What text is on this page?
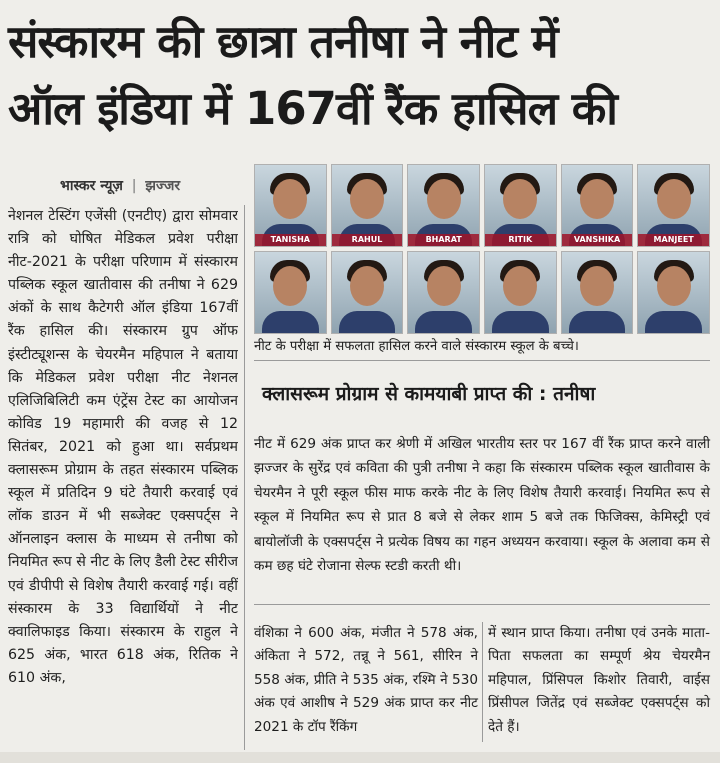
संस्कारम की छात्रा तनीषा ने नीट में
ऑल इंडिया में 167वीं रैंक हासिल की
भास्कर न्यूज़ | झज्जर
नेशनल टेस्टिंग एजेंसी (एनटीए) द्वारा सोमवार रात्रि को घोषित मेडिकल प्रवेश परीक्षा नीट-2021 के परीक्षा परिणाम में संस्कारम पब्लिक स्कूल खातीवास की तनीषा ने 629 अंकों के साथ कैटेगरी ऑल इंडिया 167वीं रैंक हासिल की। संस्कारम ग्रुप ऑफ इंस्टीट्यूशन्स के चेयरमैन महिपाल ने बताया कि मेडिकल प्रवेश परीक्षा नीट नेशनल एलिजिबिलिटी कम एंट्रेंस टेस्ट का आयोजन कोविड 19 महामारी की वजह से 12 सितंबर, 2021 को हुआ था। सर्वप्रथम क्लासरूम प्रोग्राम के तहत संस्कारम पब्लिक स्कूल में प्रतिदिन 9 घंटे तैयारी करवाई एवं लॉक डाउन में भी सब्जेक्ट एक्सपर्ट्स ने ऑनलाइन क्लास के माध्यम से तनीषा को नियमित रूप से नीट के लिए डैली टेस्ट सीरीज एवं डीपीपी से विशेष तैयारी करवाई गई। वहीं संस्कारम के 33 विद्यार्थियों ने नीट क्वालिफाइड किया। संस्कारम के राहुल ने 625 अंक, भारत 618 अंक, रितिक ने 610 अंक,
TANISHA	RAHUL	BHARAT	RITIK	VANSHIKA	MANJEET
नीट के परीक्षा में सफलता हासिल करने वाले संस्कारम स्कूल के बच्चे।
क्लासरूम प्रोग्राम से कामयाबी प्राप्त की : तनीषा
नीट में 629 अंक प्राप्त कर श्रेणी में अखिल भारतीय स्तर पर 167 वीं रैंक प्राप्त करने वाली झज्जर के सुरेंद्र एवं कविता की पुत्री तनीषा ने कहा कि संस्कारम पब्लिक स्कूल खातीवास के चेयरमैन ने पूरी स्कूल फीस माफ करके नीट के लिए विशेष तैयारी करवाई। नियमित रूप से स्कूल में नियमित रूप से प्रात 8 बजे से लेकर शाम 5 बजे तक फिजिक्स, केमिस्ट्री एवं बायोलॉजी के एक्सपर्ट्स ने प्रत्येक विषय का गहन अध्ययन करवाया। स्कूल के अलावा कम से कम छह घंटे रोजाना सेल्फ स्टडी करती थी।
वंशिका ने 600 अंक, मंजीत ने 578 अंक, अंकिता ने 572, तन्नू ने 561, सीरिन ने 558 अंक, प्रीति ने 535 अंक, रश्मि ने 530 अंक एवं आशीष ने 529 अंक प्राप्त कर नीट 2021 के टॉप रैंकिंग
में स्थान प्राप्त किया। तनीषा एवं उनके माता-पिता सफलता का सम्पूर्ण श्रेय चेयरमैन महिपाल, प्रिंसिपल किशोर तिवारी, वाईस प्रिंसीपल जितेंद्र एवं सब्जेक्ट एक्सपर्ट्स को देते हैं।
